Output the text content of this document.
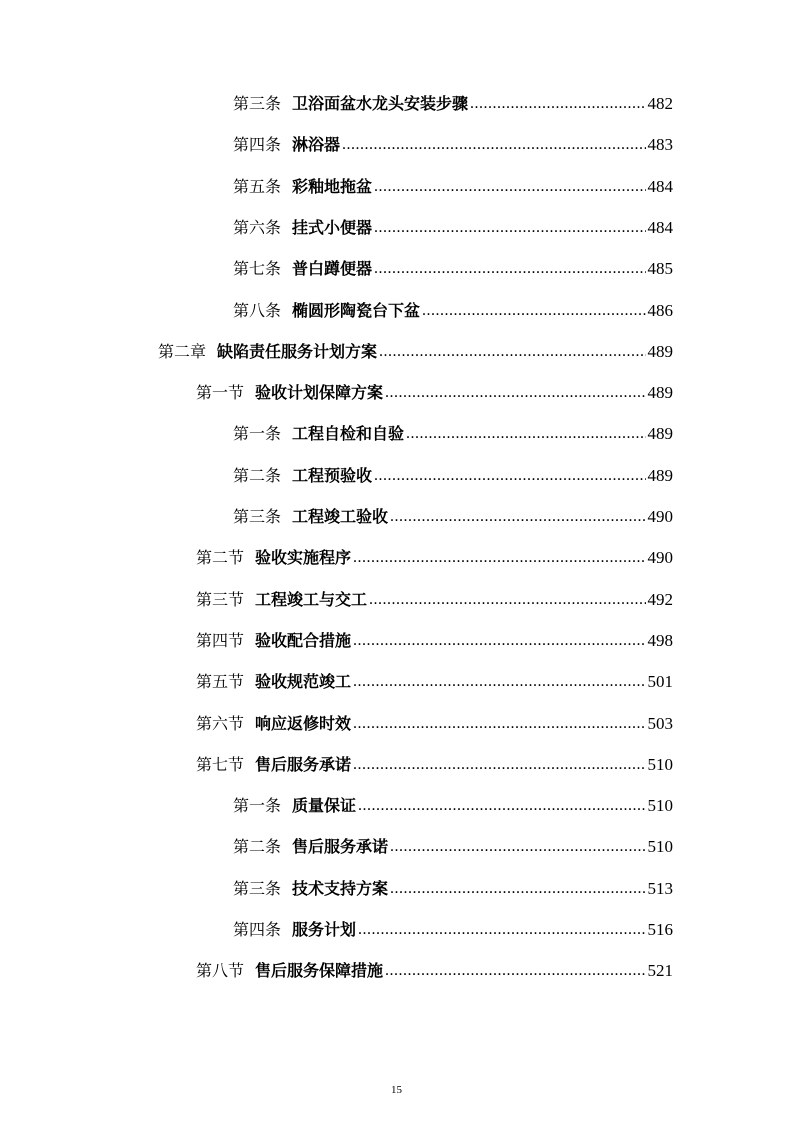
第三条 卫浴面盆水龙头安装步骤 .....	482
第四条 淋浴器 .....	483
第五条 彩釉地拖盆 .....	484
第六条 挂式小便器 .....	484
第七条 普白蹲便器 .....	485
第八条 椭圆形陶瓷台下盆 .....	486
第二章 缺陷责任服务计划方案 .....	489
第一节 验收计划保障方案 .....	489
第一条 工程自检和自验 .....	489
第二条 工程预验收 .....	489
第三条 工程竣工验收 .....	490
第二节 验收实施程序 .....	490
第三节 工程竣工与交工 .....	492
第四节 验收配合措施 .....	498
第五节 验收规范竣工 .....	501
第六节 响应返修时效 .....	503
第七节 售后服务承诺 .....	510
第一条 质量保证 .....	510
第二条 售后服务承诺 .....	510
第三条 技术支持方案 .....	513
第四条 服务计划 .....	516
第八节 售后服务保障措施 .....	521
15
